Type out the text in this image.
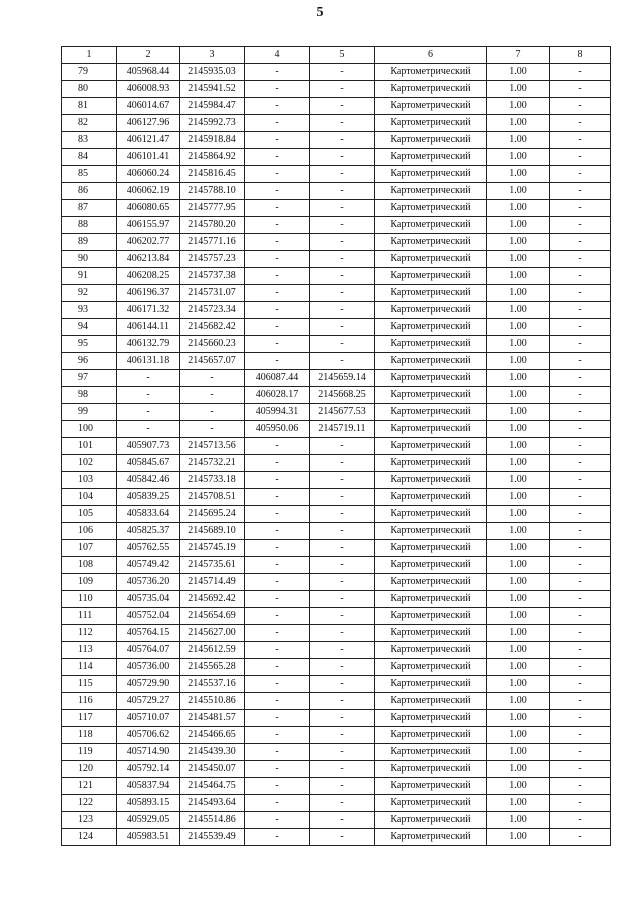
5
1	2	3	4	5	6	7	8
79	405968.44	2145935.03	-	-	Картометрический	1.00	-
80	406008.93	2145941.52	-	-	Картометрический	1.00	-
81	406014.67	2145984.47	-	-	Картометрический	1.00	-
82	406127.96	2145992.73	-	-	Картометрический	1.00	-
83	406121.47	2145918.84	-	-	Картометрический	1.00	-
84	406101.41	2145864.92	-	-	Картометрический	1.00	-
85	406060.24	2145816.45	-	-	Картометрический	1.00	-
86	406062.19	2145788.10	-	-	Картометрический	1.00	-
87	406080.65	2145777.95	-	-	Картометрический	1.00	-
88	406155.97	2145780.20	-	-	Картометрический	1.00	-
89	406202.77	2145771.16	-	-	Картометрический	1.00	-
90	406213.84	2145757.23	-	-	Картометрический	1.00	-
91	406208.25	2145737.38	-	-	Картометрический	1.00	-
92	406196.37	2145731.07	-	-	Картометрический	1.00	-
93	406171.32	2145723.34	-	-	Картометрический	1.00	-
94	406144.11	2145682.42	-	-	Картометрический	1.00	-
95	406132.79	2145660.23	-	-	Картометрический	1.00	-
96	406131.18	2145657.07	-	-	Картометрический	1.00	-
97	-	-	406087.44	2145659.14	Картометрический	1.00	-
98	-	-	406028.17	2145668.25	Картометрический	1.00	-
99	-	-	405994.31	2145677.53	Картометрический	1.00	-
100	-	-	405950.06	2145719.11	Картометрический	1.00	-
101	405907.73	2145713.56	-	-	Картометрический	1.00	-
102	405845.67	2145732.21	-	-	Картометрический	1.00	-
103	405842.46	2145733.18	-	-	Картометрический	1.00	-
104	405839.25	2145708.51	-	-	Картометрический	1.00	-
105	405833.64	2145695.24	-	-	Картометрический	1.00	-
106	405825.37	2145689.10	-	-	Картометрический	1.00	-
107	405762.55	2145745.19	-	-	Картометрический	1.00	-
108	405749.42	2145735.61	-	-	Картометрический	1.00	-
109	405736.20	2145714.49	-	-	Картометрический	1.00	-
110	405735.04	2145692.42	-	-	Картометрический	1.00	-
111	405752.04	2145654.69	-	-	Картометрический	1.00	-
112	405764.15	2145627.00	-	-	Картометрический	1.00	-
113	405764.07	2145612.59	-	-	Картометрический	1.00	-
114	405736.00	2145565.28	-	-	Картометрический	1.00	-
115	405729.90	2145537.16	-	-	Картометрический	1.00	-
116	405729.27	2145510.86	-	-	Картометрический	1.00	-
117	405710.07	2145481.57	-	-	Картометрический	1.00	-
118	405706.62	2145466.65	-	-	Картометрический	1.00	-
119	405714.90	2145439.30	-	-	Картометрический	1.00	-
120	405792.14	2145450.07	-	-	Картометрический	1.00	-
121	405837.94	2145464.75	-	-	Картометрический	1.00	-
122	405893.15	2145493.64	-	-	Картометрический	1.00	-
123	405929.05	2145514.86	-	-	Картометрический	1.00	-
124	405983.51	2145539.49	-	-	Картометрический	1.00	-
